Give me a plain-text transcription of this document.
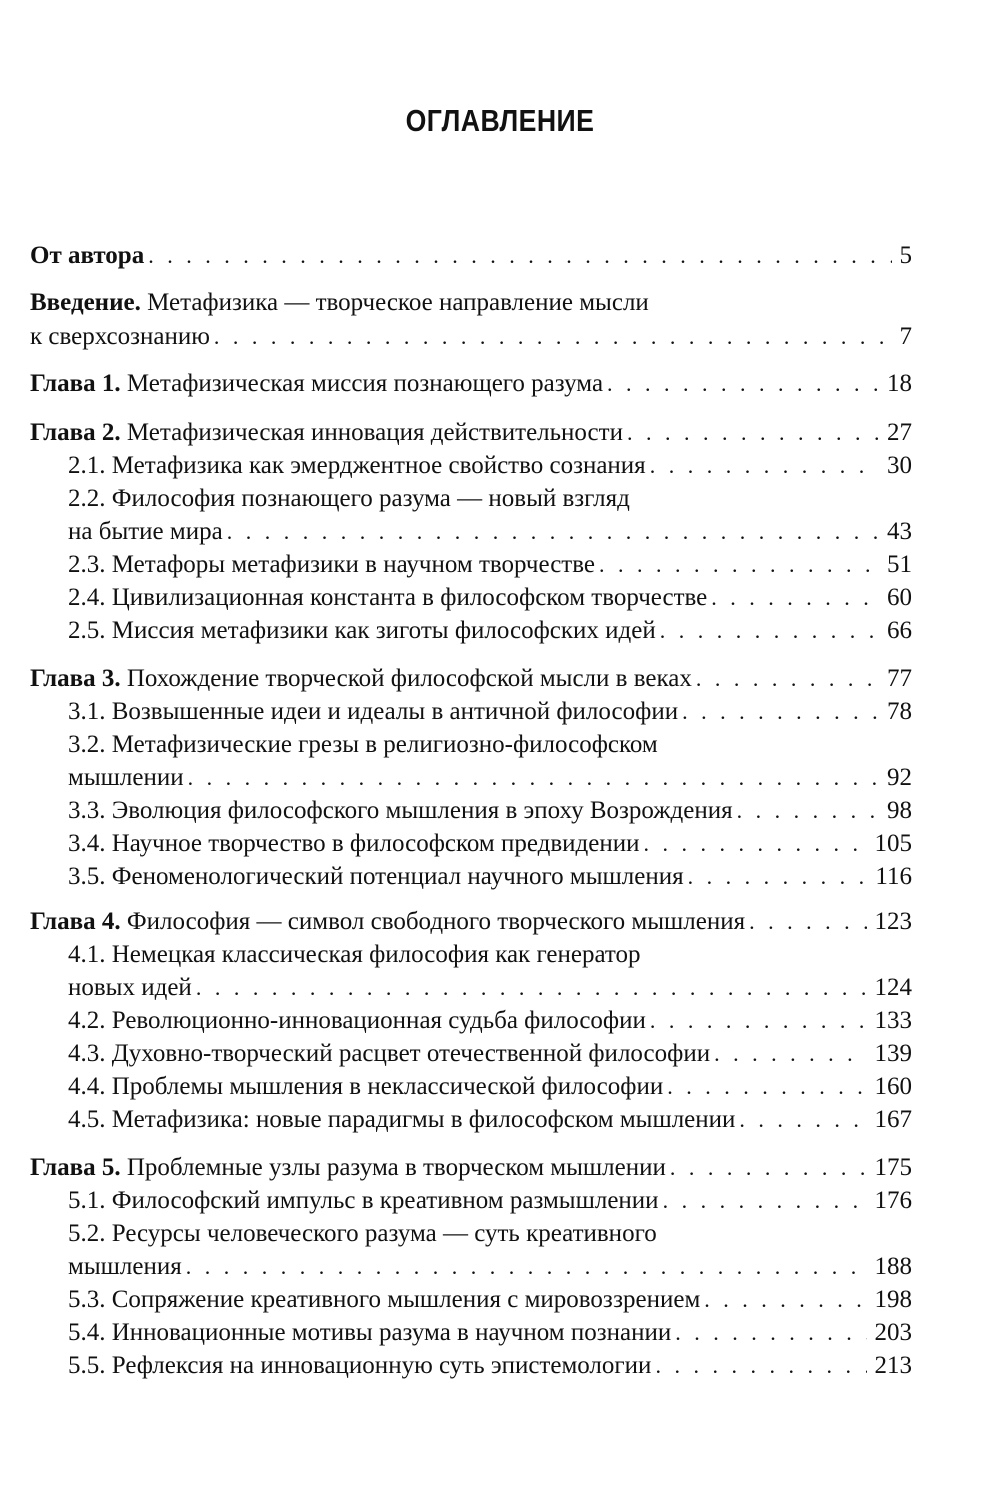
ОГЛАВЛЕНИЕ
От автора . . .	5
Введение. Метафизика — творческое направление мысли
к сверхсознанию . . .	7
Глава 1. Метафизическая миссия познающего разума . . .	18
Глава 2. Метафизическая инновация действительности . . .	27
2.1. Метафизика как эмерджентное свойство сознания . . .	30
2.2. Философия познающего разума — новый взгляд
на бытие мира . . .	43
2.3. Метафоры метафизики в научном творчестве . . .	51
2.4. Цивилизационная константа в философском творчестве . . .	60
2.5. Миссия метафизики как зиготы философских идей . . .	66
Глава 3. Похождение творческой философской мысли в веках . . .	77
3.1. Возвышенные идеи и идеалы в античной философии . . .	78
3.2. Метафизические грезы в религиозно-философском
мышлении . . .	92
3.3. Эволюция философского мышления в эпоху Возрождения . . .	98
3.4. Научное творчество в философском предвидении . . .	105
3.5. Феноменологический потенциал научного мышления . . .	116
Глава 4. Философия — символ свободного творческого мышления . . .	123
4.1. Немецкая классическая философия как генератор
новых идей . . .	124
4.2. Революционно-инновационная судьба философии . . .	133
4.3. Духовно-творческий расцвет отечественной философии . . .	139
4.4. Проблемы мышления в неклассической философии . . .	160
4.5. Метафизика: новые парадигмы в философском мышлении . . .	167
Глава 5. Проблемные узлы разума в творческом мышлении . . .	175
5.1. Философский импульс в креативном размышлении . . .	176
5.2. Ресурсы человеческого разума — суть креативного
мышления . . .	188
5.3. Сопряжение креативного мышления с мировоззрением . . .	198
5.4. Инновационные мотивы разума в научном познании . . .	203
5.5. Рефлексия на инновационную суть эпистемологии . . .	213
